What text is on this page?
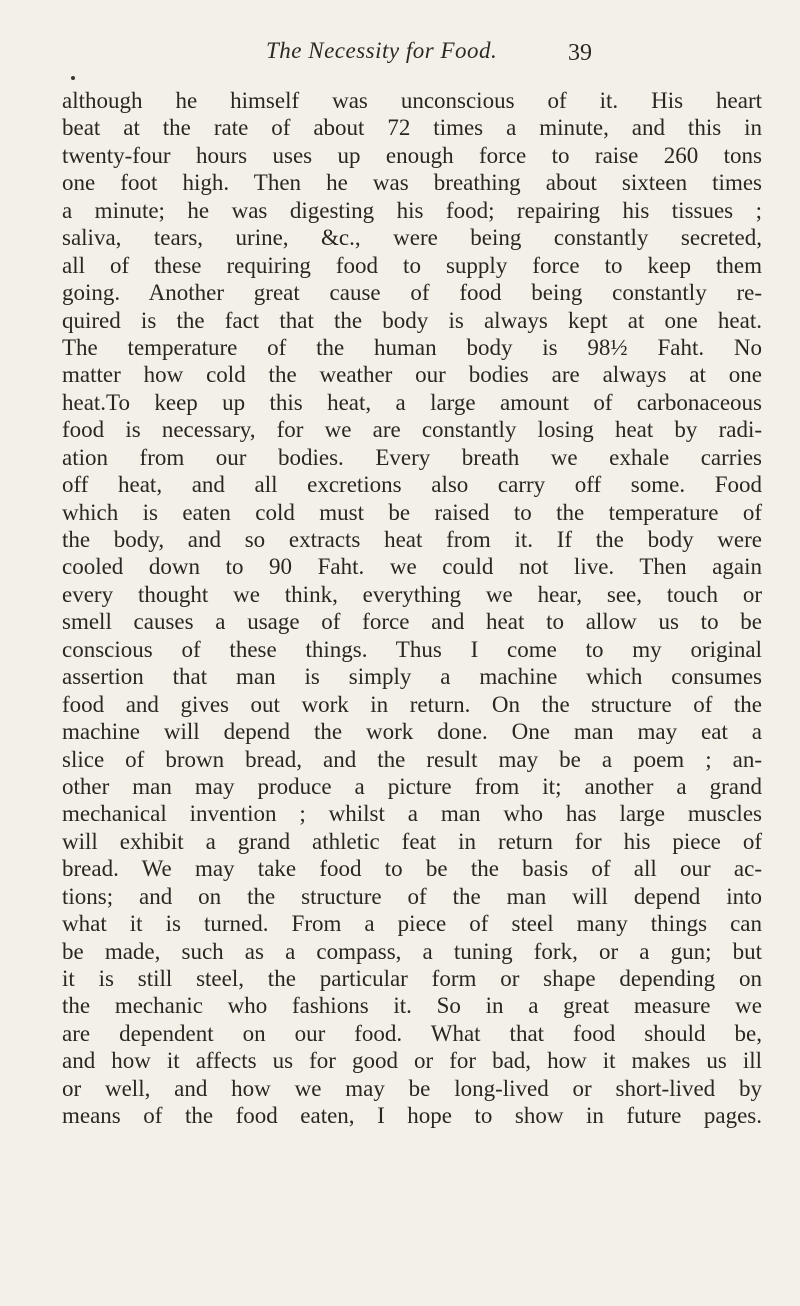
The Necessity for Food.	39
although he himself was unconscious of it. His heart
beat at the rate of about 72 times a minute, and this in
twenty-four hours uses up enough force to raise 260 tons
one foot high. Then he was breathing about sixteen times
a minute; he was digesting his food; repairing his tissues ;
saliva, tears, urine, &c., were being constantly secreted,
all of these requiring food to supply force to keep them
going. Another great cause of food being constantly re-
quired is the fact that the body is always kept at one heat.
The temperature of the human body is 98½ Faht. No
matter how cold the weather our bodies are always at one
heat.To keep up this heat, a large amount of carbonaceous
food is necessary, for we are constantly losing heat by radi-
ation from our bodies. Every breath we exhale carries
off heat, and all excretions also carry off some. Food
which is eaten cold must be raised to the temperature of
the body, and so extracts heat from it. If the body were
cooled down to 90 Faht. we could not live. Then again
every thought we think, everything we hear, see, touch or
smell causes a usage of force and heat to allow us to be
conscious of these things. Thus I come to my original
assertion that man is simply a machine which consumes
food and gives out work in return. On the structure of the
machine will depend the work done. One man may eat a
slice of brown bread, and the result may be a poem ; an-
other man may produce a picture from it; another a grand
mechanical invention ; whilst a man who has large muscles
will exhibit a grand athletic feat in return for his piece of
bread. We may take food to be the basis of all our ac-
tions; and on the structure of the man will depend into
what it is turned. From a piece of steel many things can
be made, such as a compass, a tuning fork, or a gun; but
it is still steel, the particular form or shape depending on
the mechanic who fashions it. So in a great measure we
are dependent on our food. What that food should be,
and how it affects us for good or for bad, how it makes us ill
or well, and how we may be long-lived or short-lived by
means of the food eaten, I hope to show in future pages.
